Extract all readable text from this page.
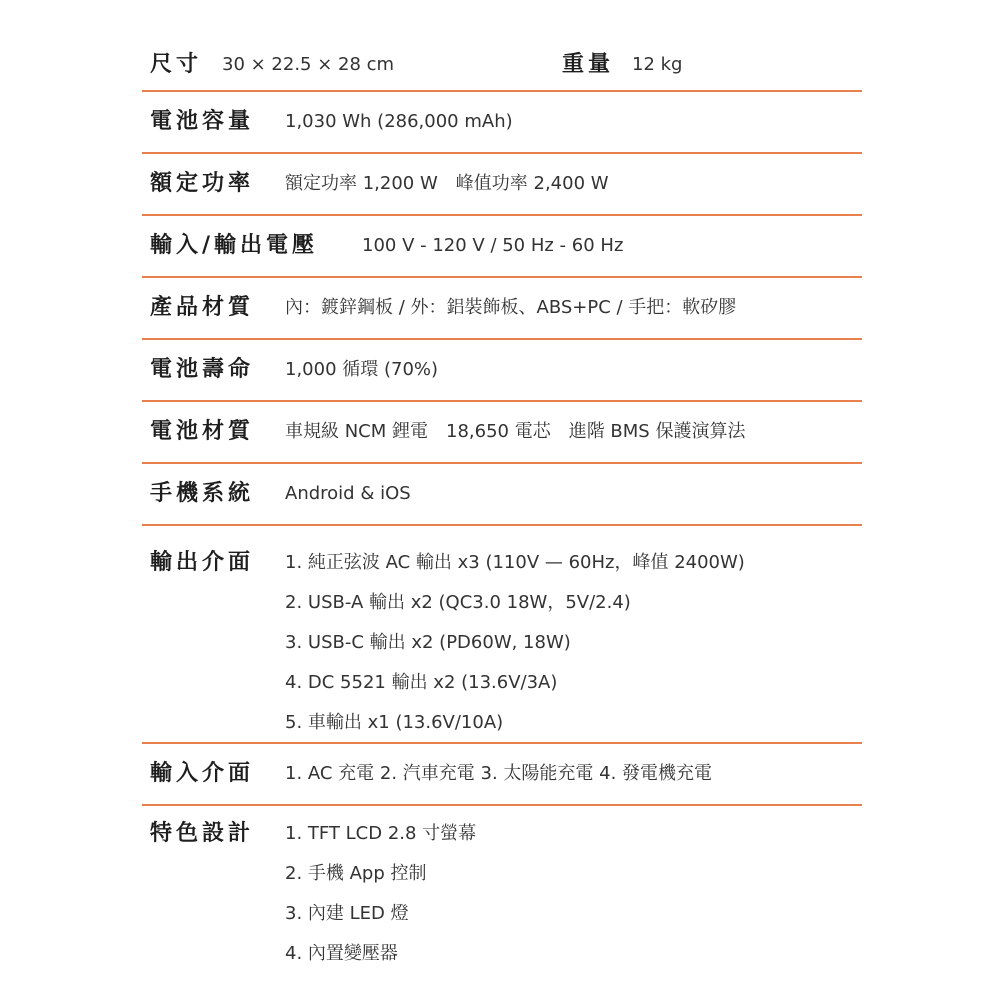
尺寸	30 × 22.5 × 28 cm	重量 12 kg
電池容量	1,030 Wh (286,000 mAh)
額定功率	額定功率 1,200 W　峰值功率 2,400 W
輸入/輸出電壓	100 V - 120 V / 50 Hz - 60 Hz
產品材質	內：鍍鋅鋼板 / 外：鋁裝飾板、ABS+PC / 手把：軟矽膠
電池壽命	1,000 循環 (70%)
電池材質	車規級 NCM 鋰電　18,650 電芯　進階 BMS 保護演算法
手機系統	Android & iOS
輸出介面	1. 純正弦波 AC 輸出 x3 (110V — 60Hz，峰值 2400W)
2. USB-A 輸出 x2 (QC3.0 18W，5V/2.4)
3. USB-C 輸出 x2 (PD60W, 18W)
4. DC 5521 輸出 x2 (13.6V/3A)
5. 車輸出 x1 (13.6V/10A)
輸入介面	1. AC 充電 2. 汽車充電 3. 太陽能充電 4. 發電機充電
特色設計	1. TFT LCD 2.8 寸螢幕
2. 手機 App 控制
3. 內建 LED 燈
4. 內置變壓器
